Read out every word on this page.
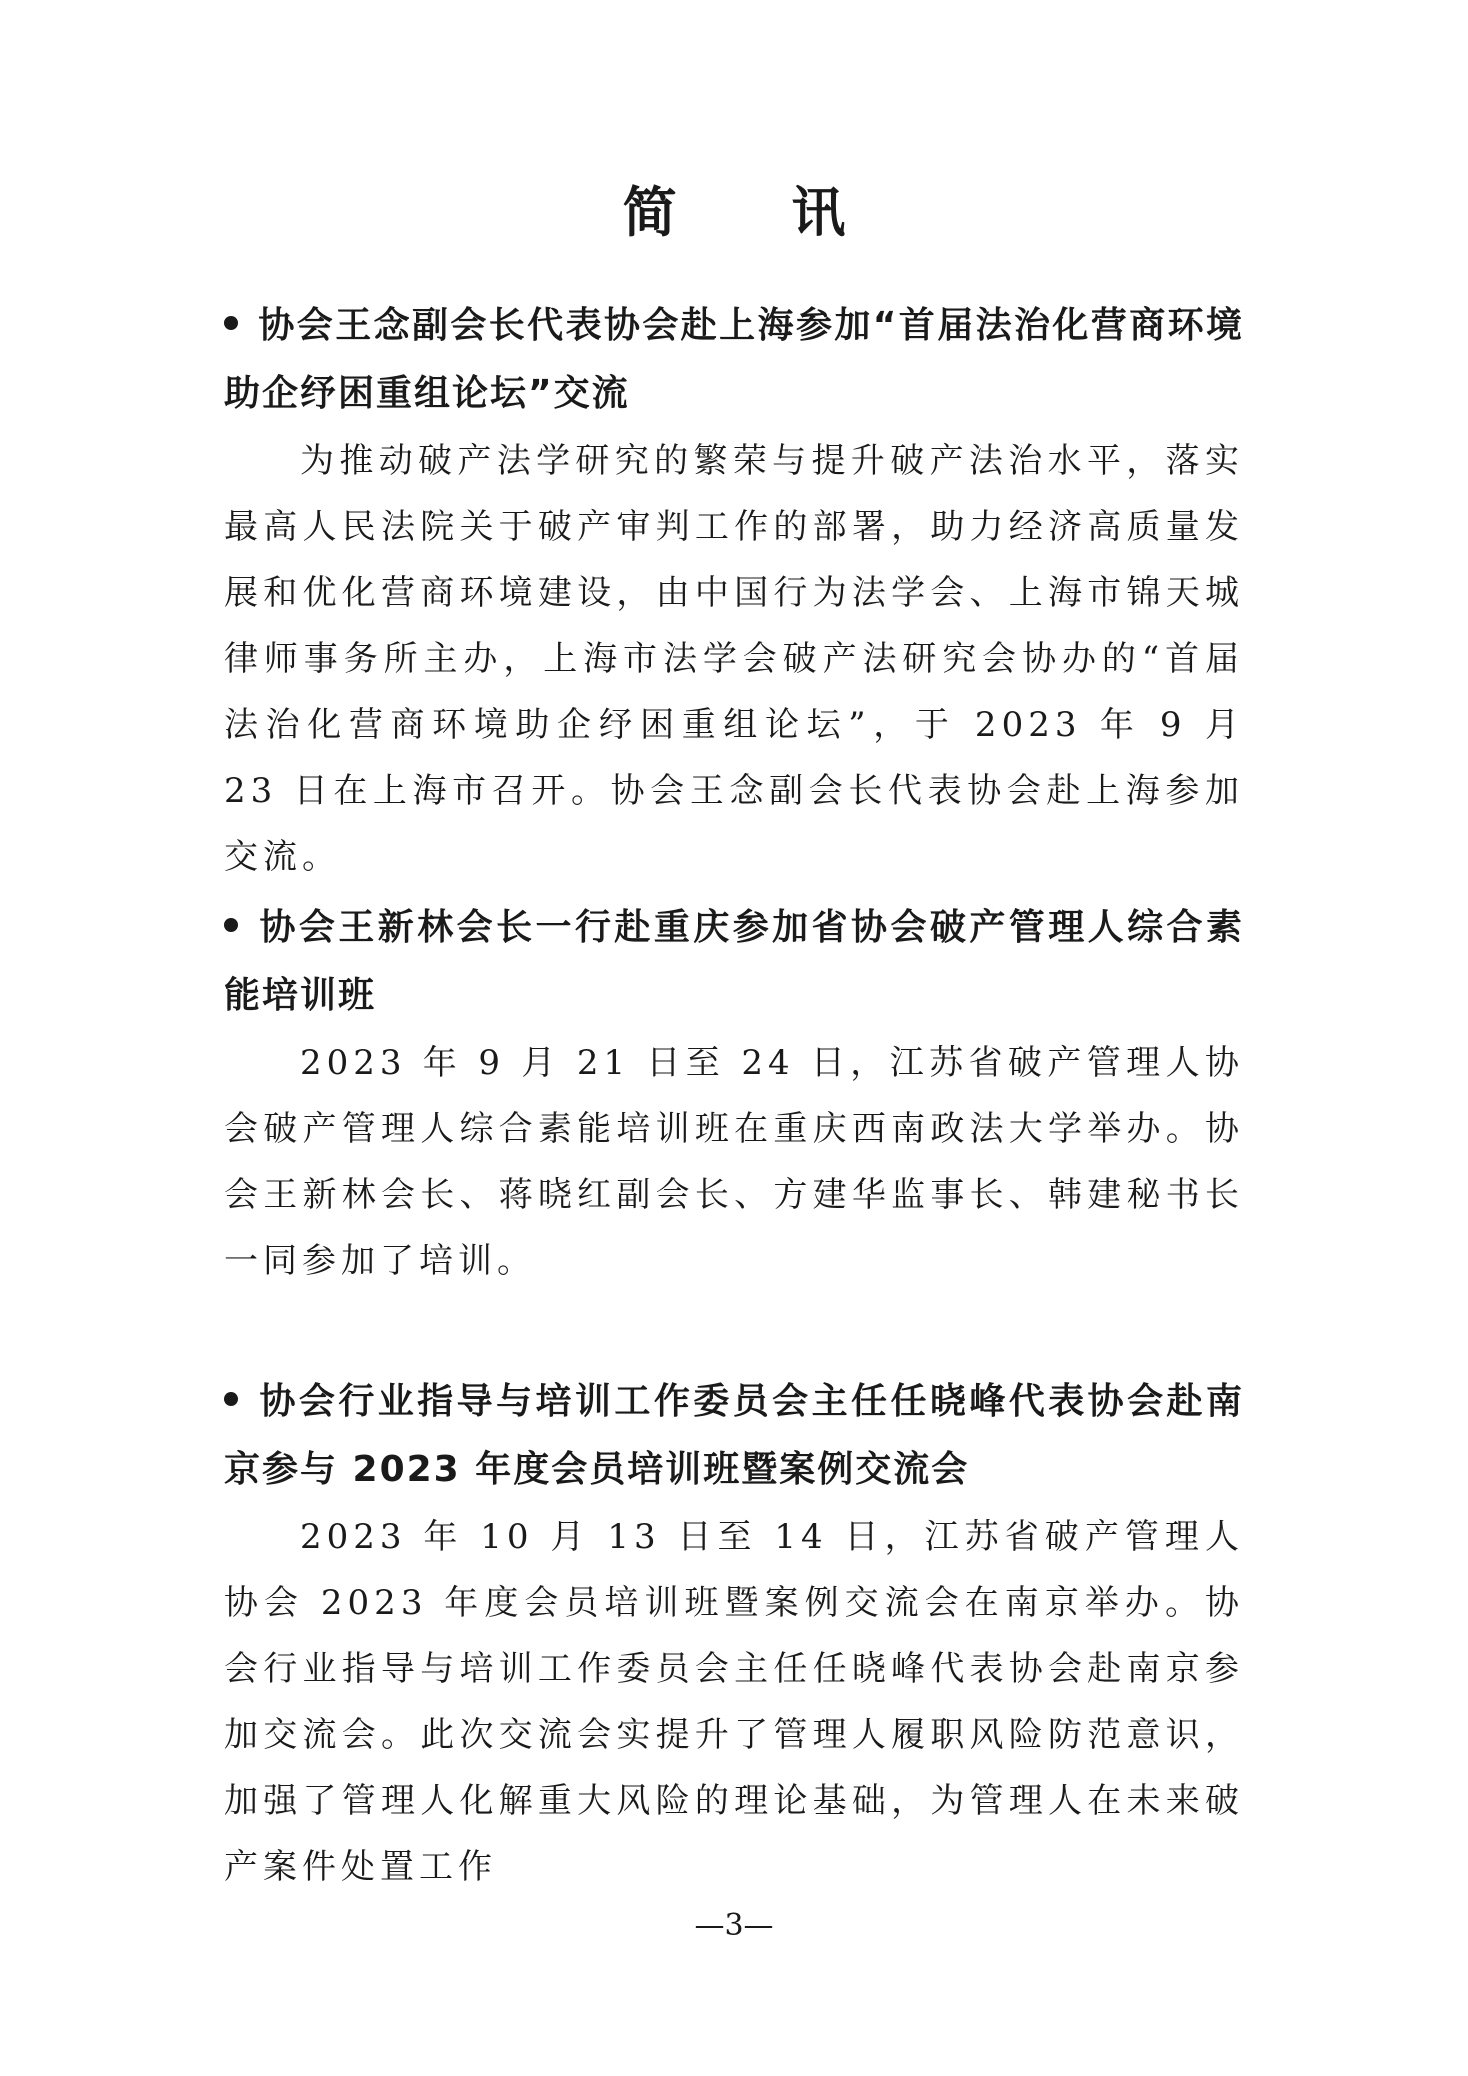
简 讯

协会王念副会长代表协会赴上海参加“首届法治化营商环境助企纾困重组论坛”交流

为推动破产法学研究的繁荣与提升破产法治水平，落实最高人民法院关于破产审判工作的部署，助力经济高质量发展和优化营商环境建设，由中国行为法学会、上海市锦天城律师事务所主办，上海市法学会破产法研究会协办的“首届法治化营商环境助企纾困重组论坛”，于 2023 年 9 月 23 日在上海市召开。协会王念副会长代表协会赴上海参加交流。

协会王新林会长一行赴重庆参加省协会破产管理人综合素能培训班

2023 年 9 月 21 日至 24 日，江苏省破产管理人协会破产管理人综合素能培训班在重庆西南政法大学举办。协会王新林会长、蒋晓红副会长、方建华监事长、韩建秘书长一同参加了培训。

协会行业指导与培训工作委员会主任任晓峰代表协会赴南京参与 2023 年度会员培训班暨案例交流会

2023 年 10 月 13 日至 14 日，江苏省破产管理人协会 2023 年度会员培训班暨案例交流会在南京举办。协会行业指导与培训工作委员会主任任晓峰代表协会赴南京参加交流会。此次交流会实提升了管理人履职风险防范意识，加强了管理人化解重大风险的理论基础，为管理人在未来破产案件处置工作

—3—
